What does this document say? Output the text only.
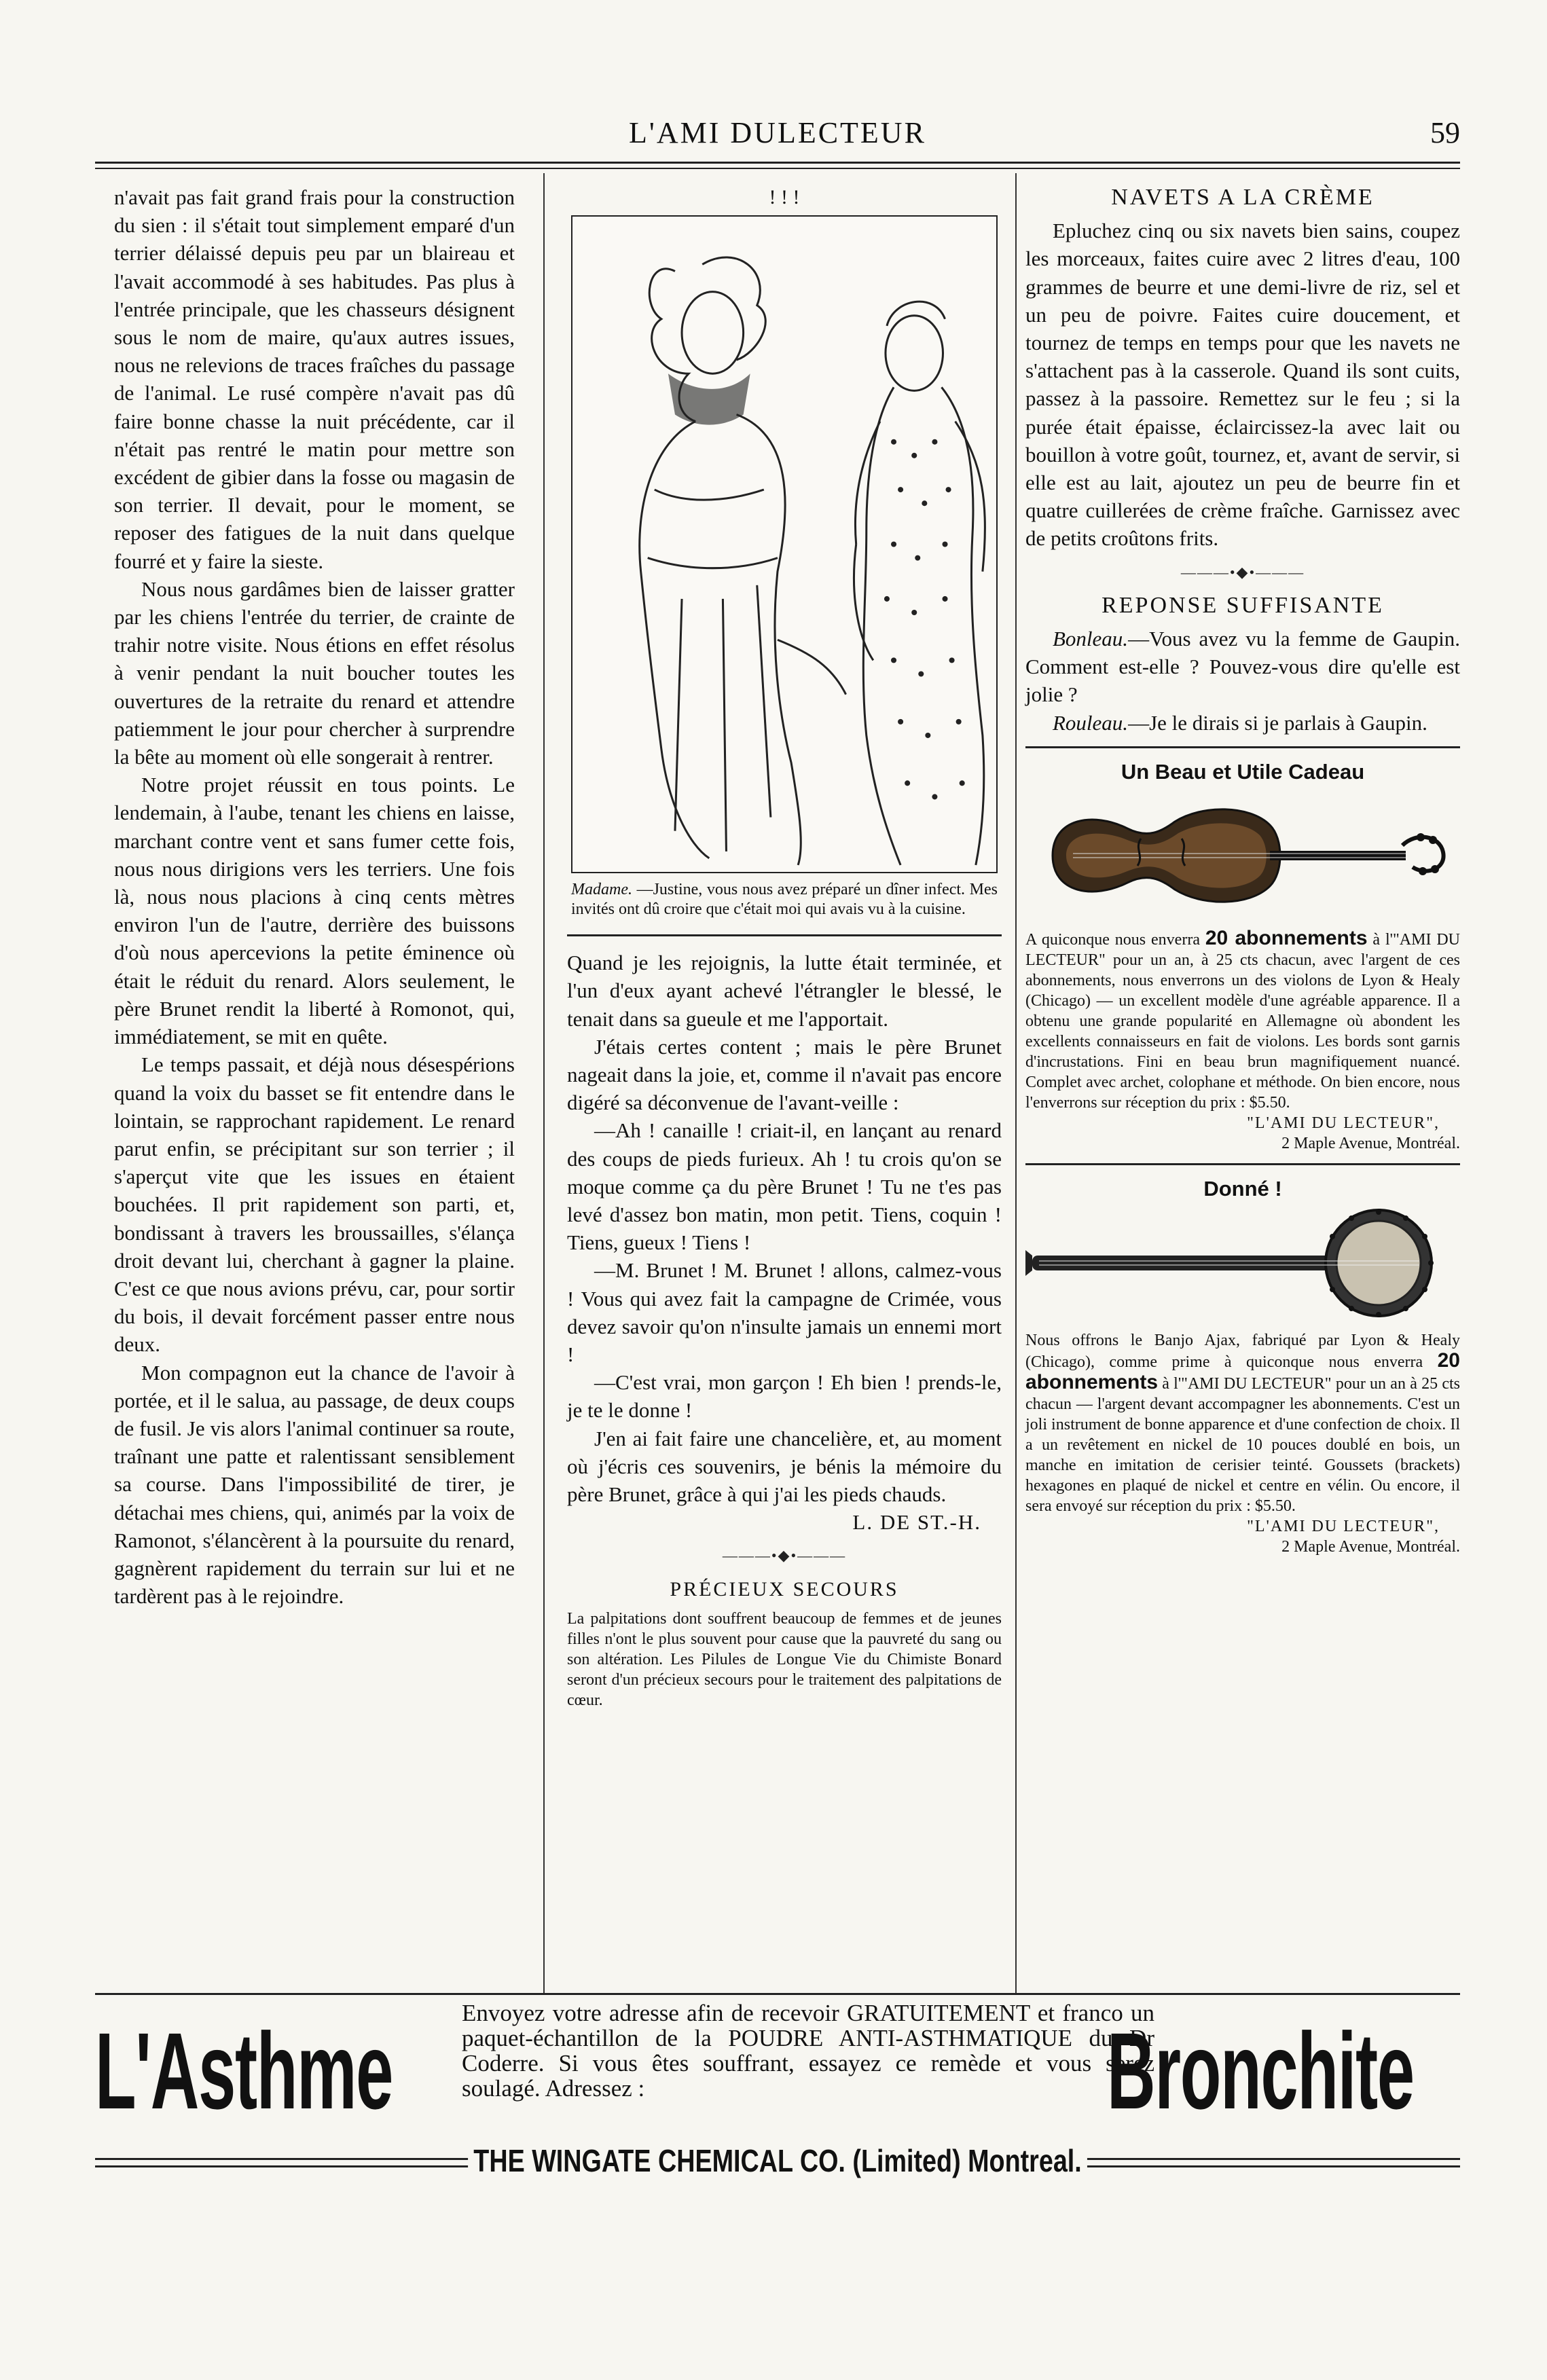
L'AMI DULECTEUR	59

n'avait pas fait grand frais pour la construction du sien : il s'était tout simplement emparé d'un terrier délaissé depuis peu par un blaireau et l'avait accommodé à ses habitudes. Pas plus à l'entrée principale, que les chasseurs désignent sous le nom de maire, qu'aux autres issues, nous ne relevions de traces fraîches du passage de l'animal. Le rusé compère n'avait pas dû faire bonne chasse la nuit précédente, car il n'était pas rentré le matin pour mettre son excédent de gibier dans la fosse ou magasin de son terrier. Il devait, pour le moment, se reposer des fatigues de la nuit dans quelque fourré et y faire la sieste.

Nous nous gardâmes bien de laisser gratter par les chiens l'entrée du terrier, de crainte de trahir notre visite. Nous étions en effet résolus à venir pendant la nuit boucher toutes les ouvertures de la retraite du renard et attendre patiemment le jour pour chercher à surprendre la bête au moment où elle songerait à rentrer.

Notre projet réussit en tous points. Le lendemain, à l'aube, tenant les chiens en laisse, marchant contre vent et sans fumer cette fois, nous nous dirigions vers les terriers. Une fois là, nous nous placions à cinq cents mètres environ l'un de l'autre, derrière des buissons d'où nous apercevions la petite éminence où était le réduit du renard. Alors seulement, le père Brunet rendit la liberté à Romonot, qui, immédiatement, se mit en quête.

Le temps passait, et déjà nous désespérions quand la voix du basset se fit entendre dans le lointain, se rapprochant rapidement. Le renard parut enfin, se précipitant sur son terrier ; il s'aperçut vite que les issues en étaient bouchées. Il prit rapidement son parti, et, bondissant à travers les broussailles, s'élança droit devant lui, cherchant à gagner la plaine. C'est ce que nous avions prévu, car, pour sortir du bois, il devait forcément passer entre nous deux.

Mon compagnon eut la chance de l'avoir à portée, et il le salua, au passage, de deux coups de fusil. Je vis alors l'animal continuer sa route, traînant une patte et ralentissant sensiblement sa course. Dans l'impossibilité de tirer, je détachai mes chiens, qui, animés par la voix de Ramonot, s'élancèrent à la poursuite du renard, gagnèrent rapidement du terrain sur lui et ne tardèrent pas à le rejoindre.

! ! !
Madame. —Justine, vous nous avez préparé un dîner infect. Mes invités ont dû croire que c'était moi qui avais vu à la cuisine.

Quand je les rejoignis, la lutte était terminée, et l'un d'eux ayant achevé l'étrangler le blessé, le tenait dans sa gueule et me l'apportait.

J'étais certes content ; mais le père Brunet nageait dans la joie, et, comme il n'avait pas encore digéré sa déconvenue de l'avant-veille :

—Ah ! canaille ! criait-il, en lançant au renard des coups de pieds furieux. Ah ! tu crois qu'on se moque comme ça du père Brunet ! Tu ne t'es pas levé d'assez bon matin, mon petit. Tiens, coquin ! Tiens, gueux ! Tiens !

—M. Brunet ! M. Brunet ! allons, calmez-vous ! Vous qui avez fait la campagne de Crimée, vous devez savoir qu'on n'insulte jamais un ennemi mort !

—C'est vrai, mon garçon ! Eh bien ! prends-le, je te le donne !

J'en ai fait faire une chancelière, et, au moment où j'écris ces souvenirs, je bénis la mémoire du père Brunet, grâce à qui j'ai les pieds chauds.

L. DE ST.-H.
———•◆•———
PRÉCIEUX SECOURS
La palpitations dont souffrent beaucoup de femmes et de jeunes filles n'ont le plus souvent pour cause que la pauvreté du sang ou son altération. Les Pilules de Longue Vie du Chimiste Bonard seront d'un précieux secours pour le traitement des palpitations de cœur.
NAVETS A LA CRÈME

Epluchez cinq ou six navets bien sains, coupez les morceaux, faites cuire avec 2 litres d'eau, 100 grammes de beurre et une demi-livre de riz, sel et un peu de poivre. Faites cuire doucement, et tournez de temps en temps pour que les navets ne s'attachent pas à la casserole. Quand ils sont cuits, passez à la passoire. Remettez sur le feu ; si la purée était épaisse, éclaircissez-la avec lait ou bouillon à votre goût, tournez, et, avant de servir, si elle est au lait, ajoutez un peu de beurre fin et quatre cuillerées de crème fraîche. Garnissez avec de petits croûtons frits.

———•◆•———
REPONSE SUFFISANTE

Bonleau.—Vous avez vu la femme de Gaupin. Comment est-elle ? Pouvez-vous dire qu'elle est jolie ?

Rouleau.—Je le dirais si je parlais à Gaupin.

Un Beau et Utile Cadeau
A quiconque nous enverra 20 abonnements à l'"AMI DU LECTEUR" pour un an, à 25 cts chacun, avec l'argent de ces abonnements, nous enverrons un des violons de Lyon & Healy (Chicago) — un excellent modèle d'une agréable apparence. Il a obtenu une grande popularité en Allemagne où abondent les excellents connaisseurs en fait de violons. Les bords sont garnis d'incrustations. Fini en beau brun magnifiquement nuancé. Complet avec archet, colophane et méthode. On bien encore, nous l'enverrons sur réception du prix : $5.50.
"L'AMI DU LECTEUR",
2 Maple Avenue, Montréal.
Donné !
Nous offrons le Banjo Ajax, fabriqué par Lyon & Healy (Chicago), comme prime à quiconque nous enverra 20 abonnements à l'"AMI DU LECTEUR" pour un an à 25 cts chacun — l'argent devant accompagner les abonnements. C'est un joli instrument de bonne apparence et d'une confection de choix. Il a un revêtement en nickel de 10 pouces doublé en bois, un manche en imitation de cerisier teinté. Goussets (brackets) hexagones en plaqué de nickel et centre en vélin. Ou encore, il sera envoyé sur réception du prix : $5.50.
"L'AMI DU LECTEUR",
2 Maple Avenue, Montréal.
L'Asthme	Envoyez votre adresse afin de recevoir GRATUITEMENT et franco un paquet-échantillon de la POUDRE ANTI-ASTHMATIQUE du Dr Coderre. Si vous êtes souffrant, essayez ce remède et vous serez soulagé. Adressez :	Bronchite
THE WINGATE CHEMICAL CO. (Limited) Montreal.
